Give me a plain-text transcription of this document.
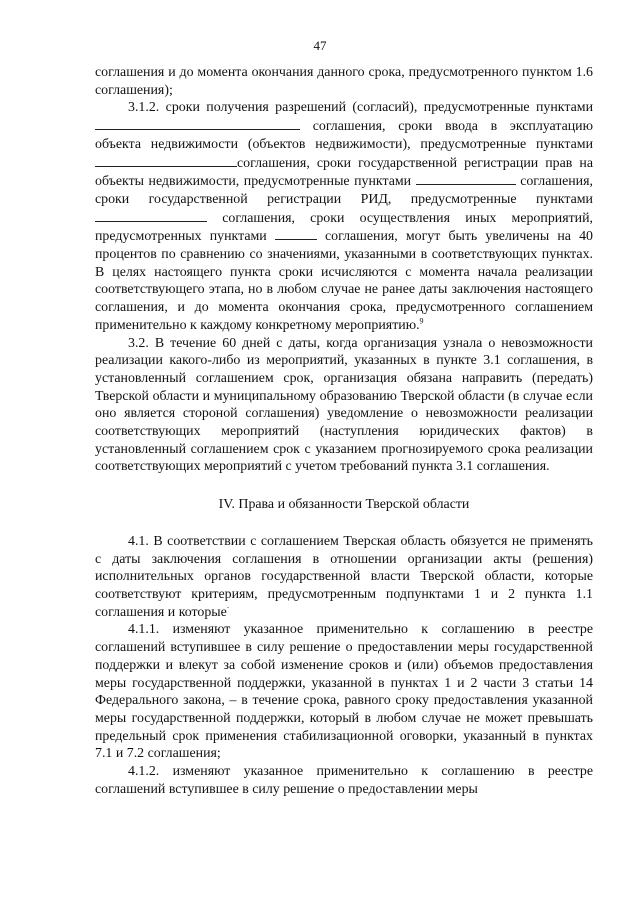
47

соглашения и до момента окончания данного срока, предусмотренного пунктом 1.6 соглашения);

3.1.2. сроки получения разрешений (согласий), предусмотренные пунктами  соглашения, сроки ввода в эксплуатацию объекта недвижимости (объектов недвижимости), предусмотренные пунктами соглашения, сроки государственной регистрации прав на объекты недвижимости, предусмотренные пунктами	соглашения, сроки государственной регистрации РИД, предусмотренные пунктами  соглашения, сроки осуществления иных мероприятий, предусмотренных пунктами	соглашения, могут быть увеличены на 40 процентов по сравнению со значениями, указанными в соответствующих пунктах. В целях настоящего пункта сроки исчисляются с момента начала реализации соответствующего этапа, но в любом случае не ранее даты заключения настоящего соглашения, и до момента окончания срока, предусмотренного соглашением применительно к каждому конкретному мероприятию.$^9$

3.2. В течение 60 дней с даты, когда организация узнала о невозможности реализации какого-либо из мероприятий, указанных в пункте 3.1 соглашения, в установленный соглашением срок, организация обязана направить (передать) Тверской области и муниципальному образованию Тверской области (в случае если оно является стороной соглашения) уведомление о невозможности реализации соответствующих мероприятий (наступления юридических фактов) в установленный соглашением срок с указанием прогнозируемого срока реализации соответствующих мероприятий с учетом требований пункта 3.1 соглашения.

IV. Права и обязанности Тверской области

4.1. В соответствии с соглашением Тверская область обязуется не применять с даты заключения соглашения в отношении организации акты (решения) исполнительных органов государственной власти Тверской области, которые соответствуют критериям, предусмотренным подпунктами 1 и 2 пункта 1.1 соглашения и которые·

4.1.1. изменяют указанное применительно к соглашению в реестре соглашений вступившее в силу решение о предоставлении меры государственной поддержки и влекут за собой изменение сроков и (или) объемов предоставления меры государственной поддержки, указанной в пунктах 1 и 2 части 3 статьи 14 Федерального закона, – в течение срока, равного сроку предоставления указанной меры государственной поддержки, который в любом случае не может превышать предельный срок применения стабилизационной оговорки, указанный в пунктах 7.1 и 7.2 соглашения;

4.1.2. изменяют указанное применительно к соглашению в реестре соглашений вступившее в силу решение о предоставлении меры
